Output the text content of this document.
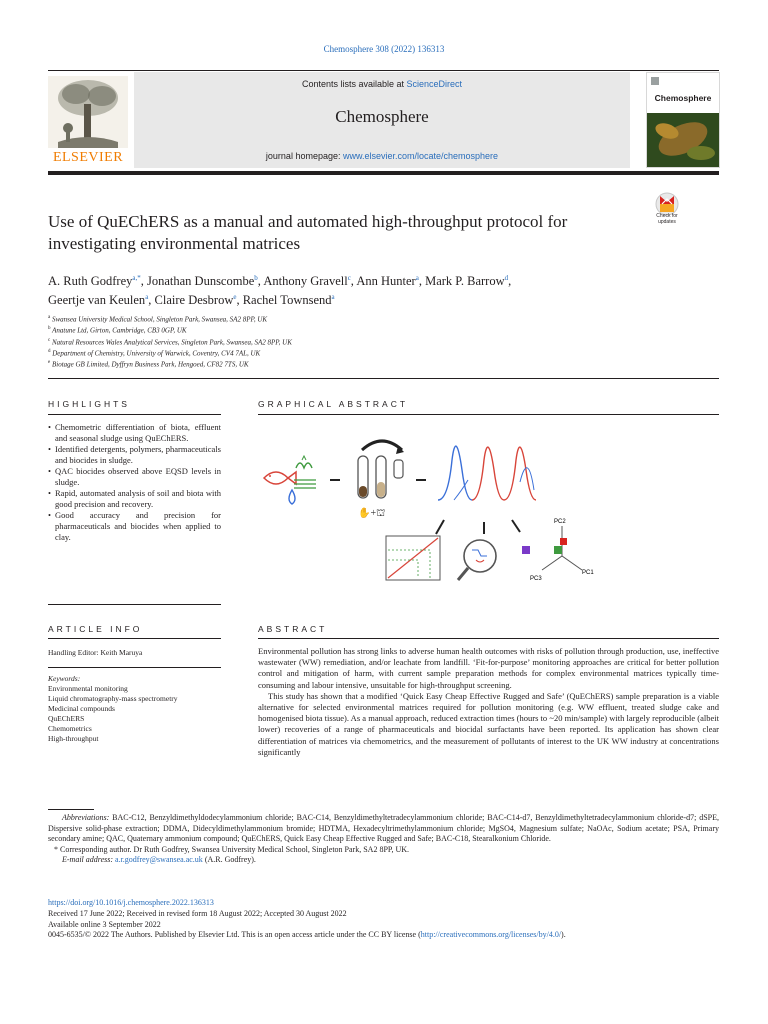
Chemosphere 308 (2022) 136313
ELSEVIER
Contents lists available at ScienceDirect
Chemosphere
journal homepage: www.elsevier.com/locate/chemosphere
Chemosphere
Check for
updates
Use of QuEChERS as a manual and automated high-throughput protocol for investigating environmental matrices
A. Ruth Godfrey$^{a,*}$, Jonathan Dunscombe$^b$, Anthony Gravell$^c$, Ann Hunter$^a$, Mark P. Barrow$^d$,
Geertje van Keulen$^a$, Claire Desbrow$^e$, Rachel Townsend$^a$
$^a$ Swansea University Medical School, Singleton Park, Swansea, SA2 8PP, UK
$^b$ Anatune Ltd, Girton, Cambridge, CB3 0GP, UK
$^c$ Natural Resources Wales Analytical Services, Singleton Park, Swansea, SA2 8PP, UK
$^d$ Department of Chemistry, University of Warwick, Coventry, CV4 7AL, UK
$^e$ Biotage GB Limited, Dyffryn Business Park, Hengoed, CF82 7TS, UK
HIGHLIGHTS
• Chemometric differentiation of biota, effluent and seasonal sludge using QuEChERS.
• Identified detergents, polymers, pharmaceuticals and biocides in sludge.
• QAC biocides observed above EQSD levels in sludge.
• Rapid, automated analysis of soil and biota with good precision and recovery.
• Good accuracy and precision for pharmaceuticals and biocides when applied to clay.
GRAPHICAL ABSTRACT
✋+⛫
PC2
PC1
PC3
ARTICLE INFO
Handling Editor: Keith Maruya
Keywords:
Environmental monitoring
Liquid chromatography-mass spectrometry
Medicinal compounds
QuEChERS
Chemometrics
High-throughput
ABSTRACT

Environmental pollution has strong links to adverse human health outcomes with risks of pollution through production, use, ineffective wastewater (WW) remediation, and/or leachate from landfill. ‘Fit-for-purpose’ monitoring approaches are critical for better pollution control and mitigation of harm, with current sample preparation methods for complex environmental matrices typically time-consuming and labour intensive, unsuitable for high-throughput screening.

This study has shown that a modified ‘Quick Easy Cheap Effective Rugged and Safe’ (QuEChERS) sample preparation is a viable alternative for selected environmental matrices required for pollution monitoring (e.g. WW effluent, treated sludge cake and homogenised biota tissue). As a manual approach, reduced extraction times (hours to ~20 min/sample) with largely reproducible (albeit lower) recoveries of a range of pharmaceuticals and biocidal surfactants have been reported. Its application has shown clear differentiation of matrices via chemometrics, and the measurement of pollutants of interest to the UK WW industry at concentrations significantly

Abbreviations: BAC-C12, Benzyldimethyldodecylammonium chloride; BAC-C14, Benzyldimethyltetradecylammonium chloride; BAC-C14-d7, Benzyldimethyltetradecylammonium chloride-d7; dSPE, Dispersive solid-phase extraction; DDMA, Didecyldimethylammonium bromide; HDTMA, Hexadecyltrimethylammonium chloride; MgSO4, Magnesium sulfate; NaOAc, Sodium acetate; PSA, Primary secondary amine; QAC, Quaternary ammonium compound; QuEChERS, Quick Easy Cheap Effective Rugged and Safe; BAC-C18, Stearalkonium Chloride.

* Corresponding author. Dr Ruth Godfrey, Swansea University Medical School, Singleton Park, SA2 8PP, UK.

E-mail address: a.r.godfrey@swansea.ac.uk (A.R. Godfrey).

https://doi.org/10.1016/j.chemosphere.2022.136313

Received 17 June 2022; Received in revised form 18 August 2022; Accepted 30 August 2022

Available online 3 September 2022

0045-6535/© 2022 The Authors. Published by Elsevier Ltd. This is an open access article under the CC BY license (http://creativecommons.org/licenses/by/4.0/).
